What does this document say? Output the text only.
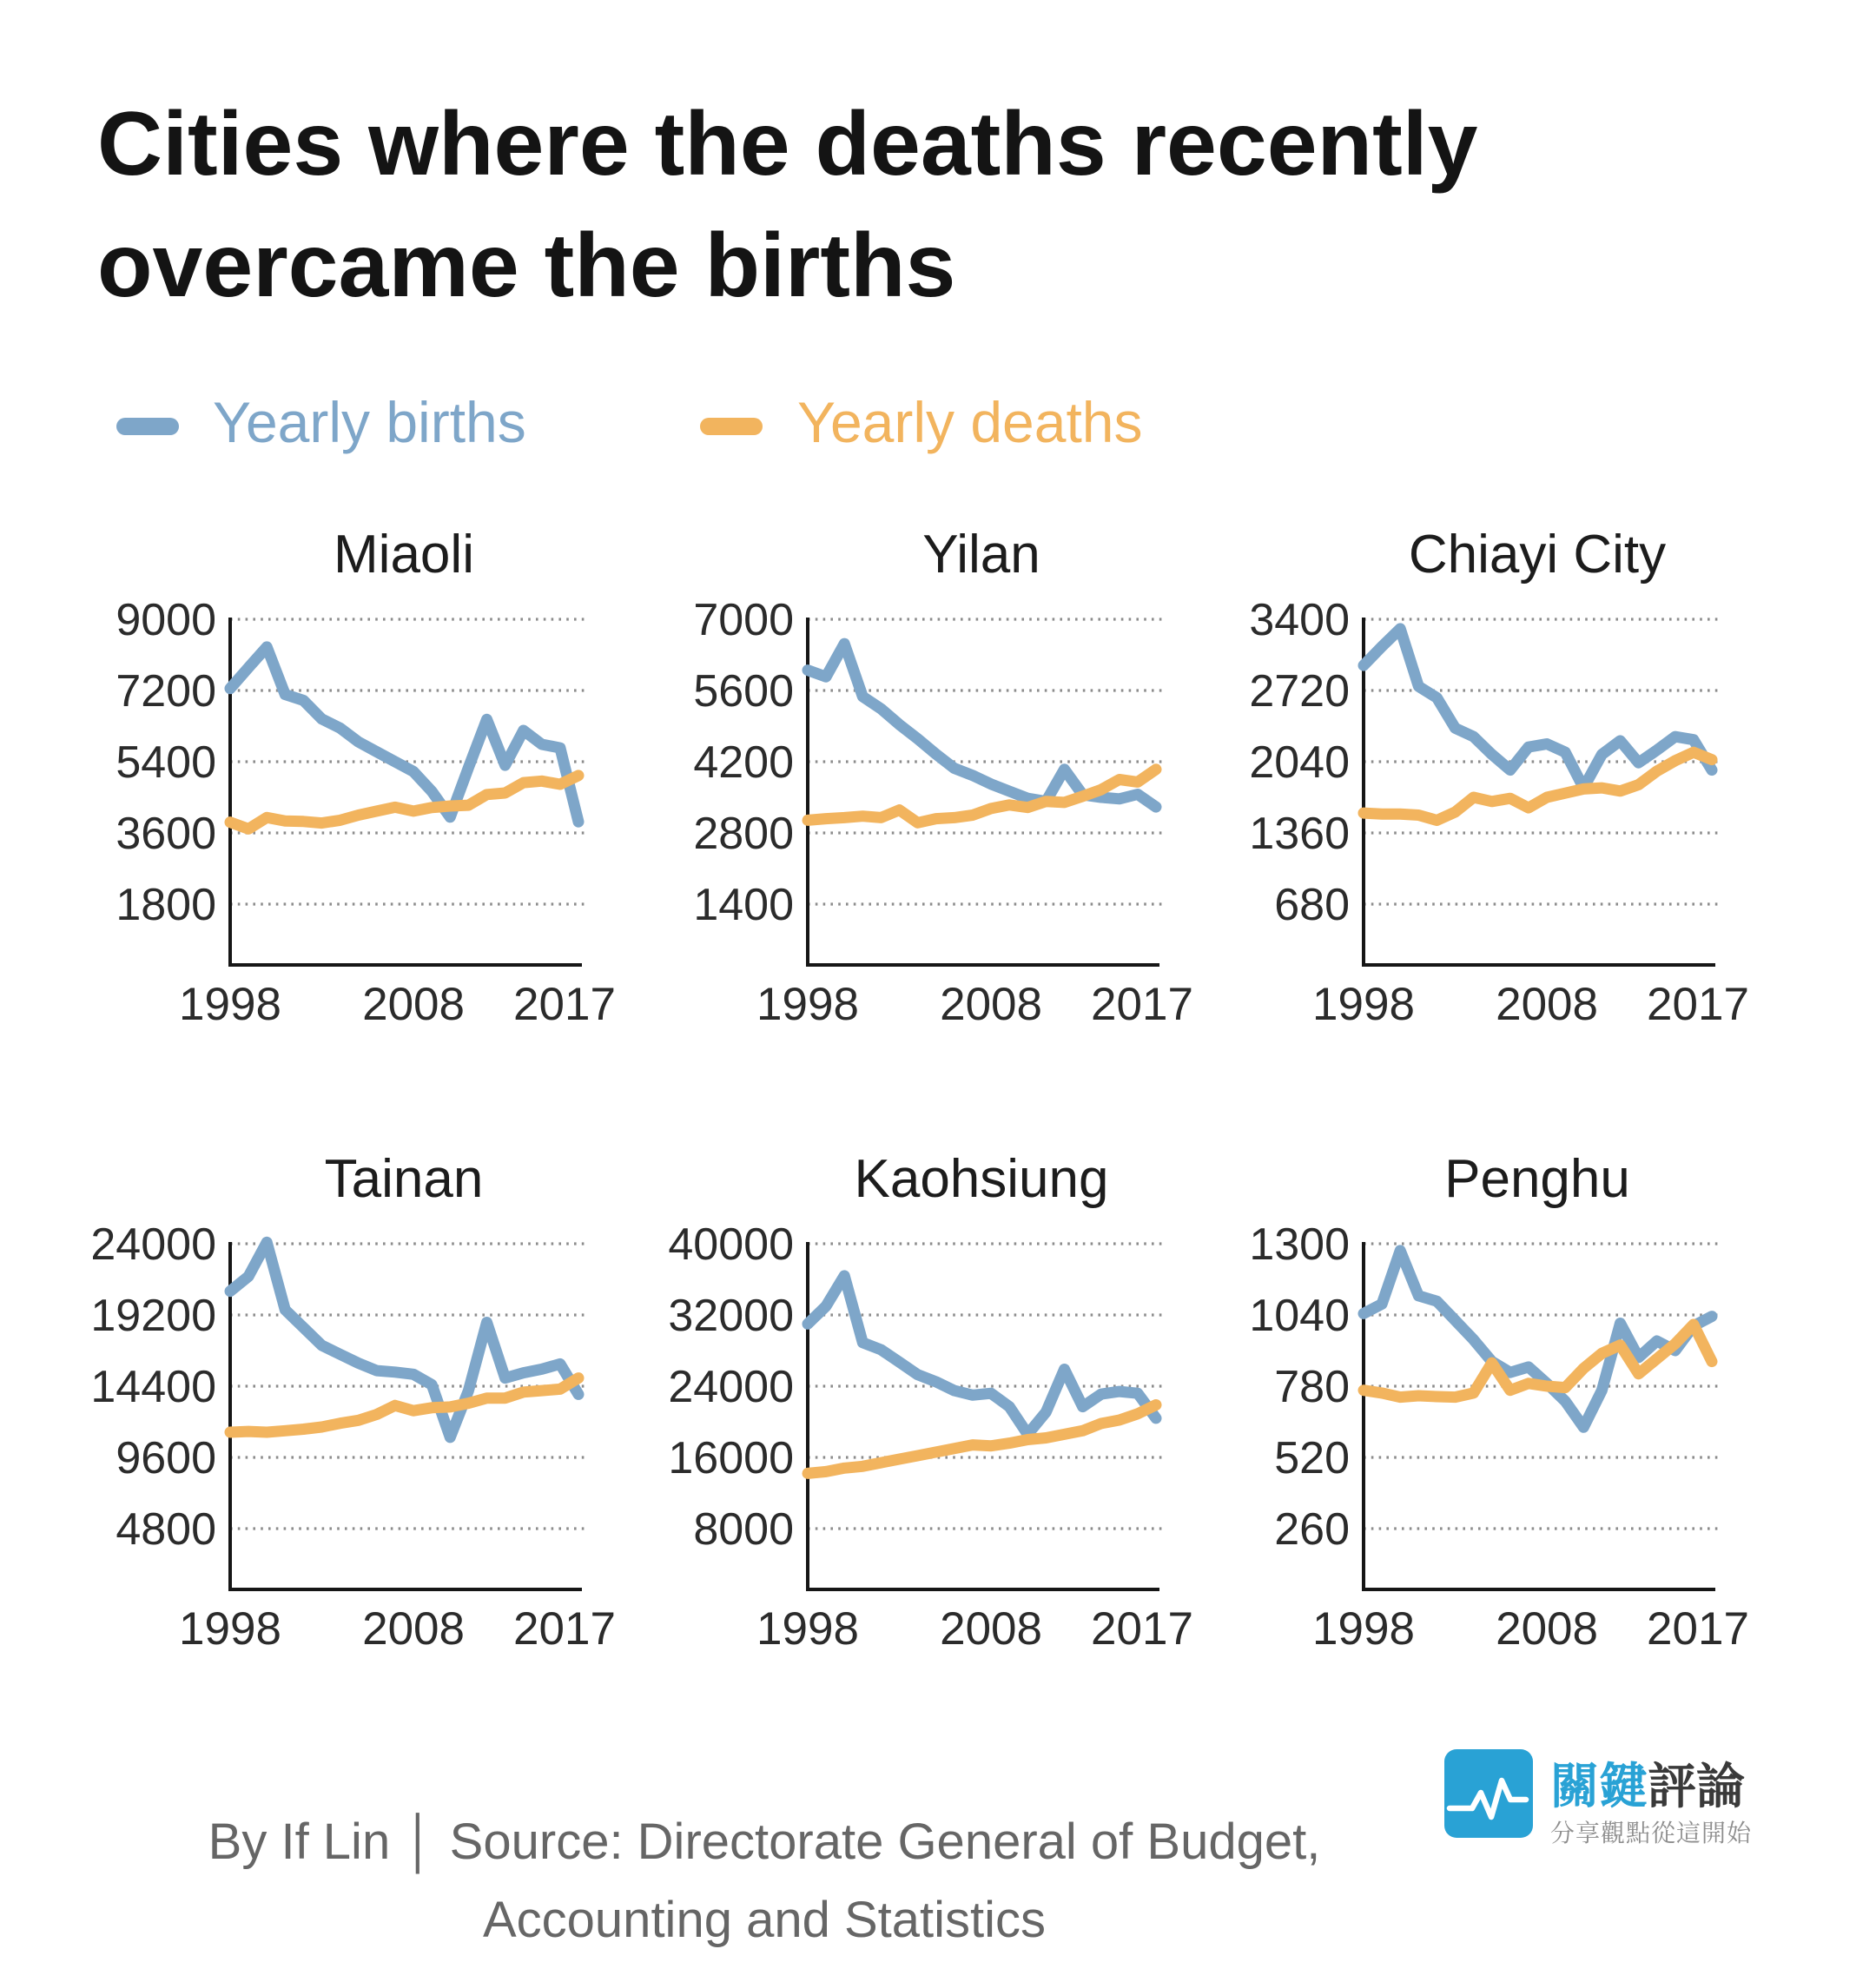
Cities where the deaths recently
overcame the births
Yearly births	Yearly deaths
Miaoli
9000
7200
5400
3600
1800
1998 2008 2017
Yilan
7000
5600
4200
2800
1400
1998 2008 2017
Chiayi City
3400
2720
2040
1360
680
1998 2008 2017
Tainan
24000
19200
14400
9600
4800
1998 2008 2017
Kaohsiung
40000
32000
24000
16000
8000
1998 2008 2017
Penghu
1300
1040
780
520
260
1998 2008 2017
By If Lin │ Source: Directorate General of Budget,
Accounting and Statistics
關鍵評論
分享觀點從這開始
